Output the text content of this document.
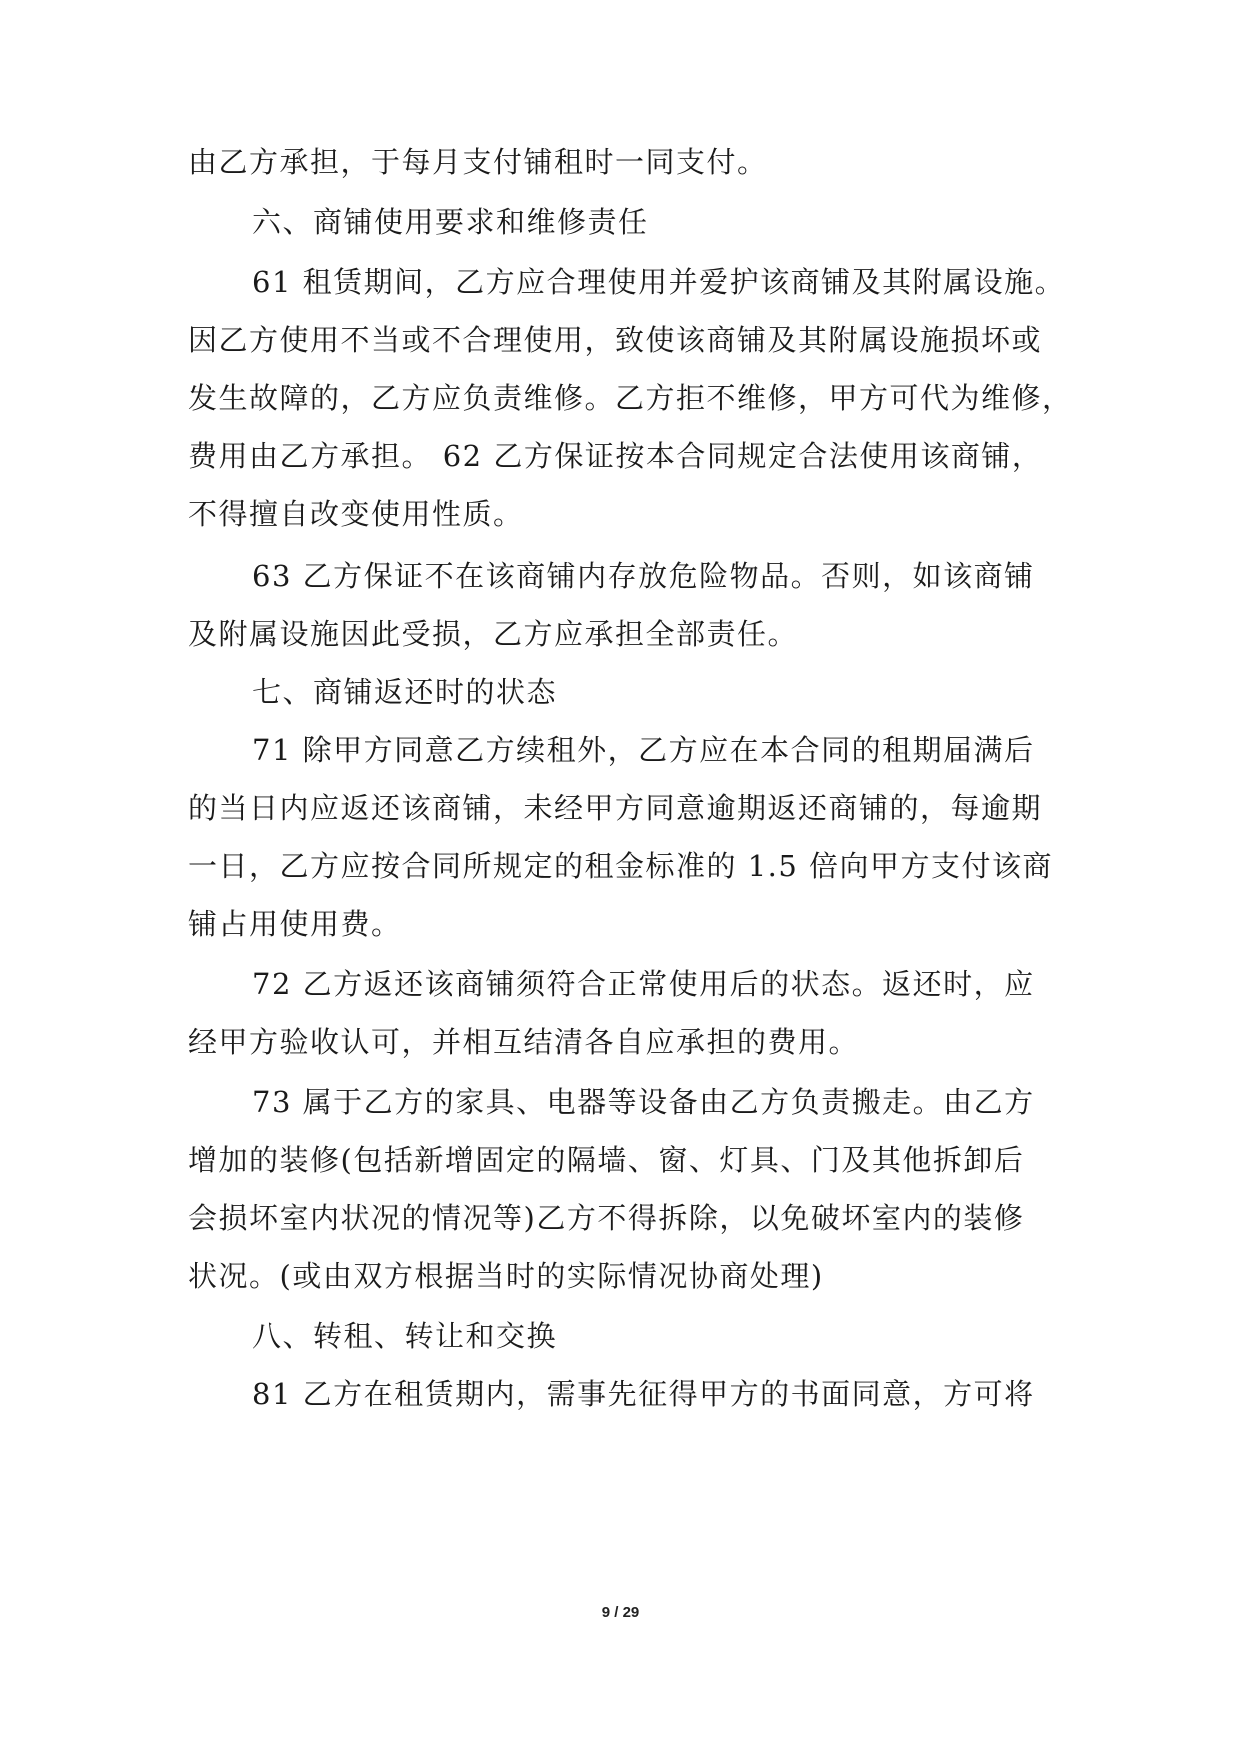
由乙方承担，于每月支付铺租时一同支付。
六、商铺使用要求和维修责任
61 租赁期间，乙方应合理使用并爱护该商铺及其附属设施。
因乙方使用不当或不合理使用，致使该商铺及其附属设施损坏或
发生故障的，乙方应负责维修。乙方拒不维修，甲方可代为维修，
费用由乙方承担。 62 乙方保证按本合同规定合法使用该商铺，
不得擅自改变使用性质。
63 乙方保证不在该商铺内存放危险物品。否则，如该商铺
及附属设施因此受损，乙方应承担全部责任。
七、商铺返还时的状态
71 除甲方同意乙方续租外，乙方应在本合同的租期届满后
的当日内应返还该商铺，未经甲方同意逾期返还商铺的，每逾期
一日，乙方应按合同所规定的租金标准的 1.5 倍向甲方支付该商
铺占用使用费。
72 乙方返还该商铺须符合正常使用后的状态。返还时，应
经甲方验收认可，并相互结清各自应承担的费用。
73 属于乙方的家具、电器等设备由乙方负责搬走。由乙方
增加的装修(包括新增固定的隔墙、窗、灯具、门及其他拆卸后
会损坏室内状况的情况等)乙方不得拆除，以免破坏室内的装修
状况。(或由双方根据当时的实际情况协商处理)
八、转租、转让和交换
81 乙方在租赁期内，需事先征得甲方的书面同意，方可将
9 / 29
